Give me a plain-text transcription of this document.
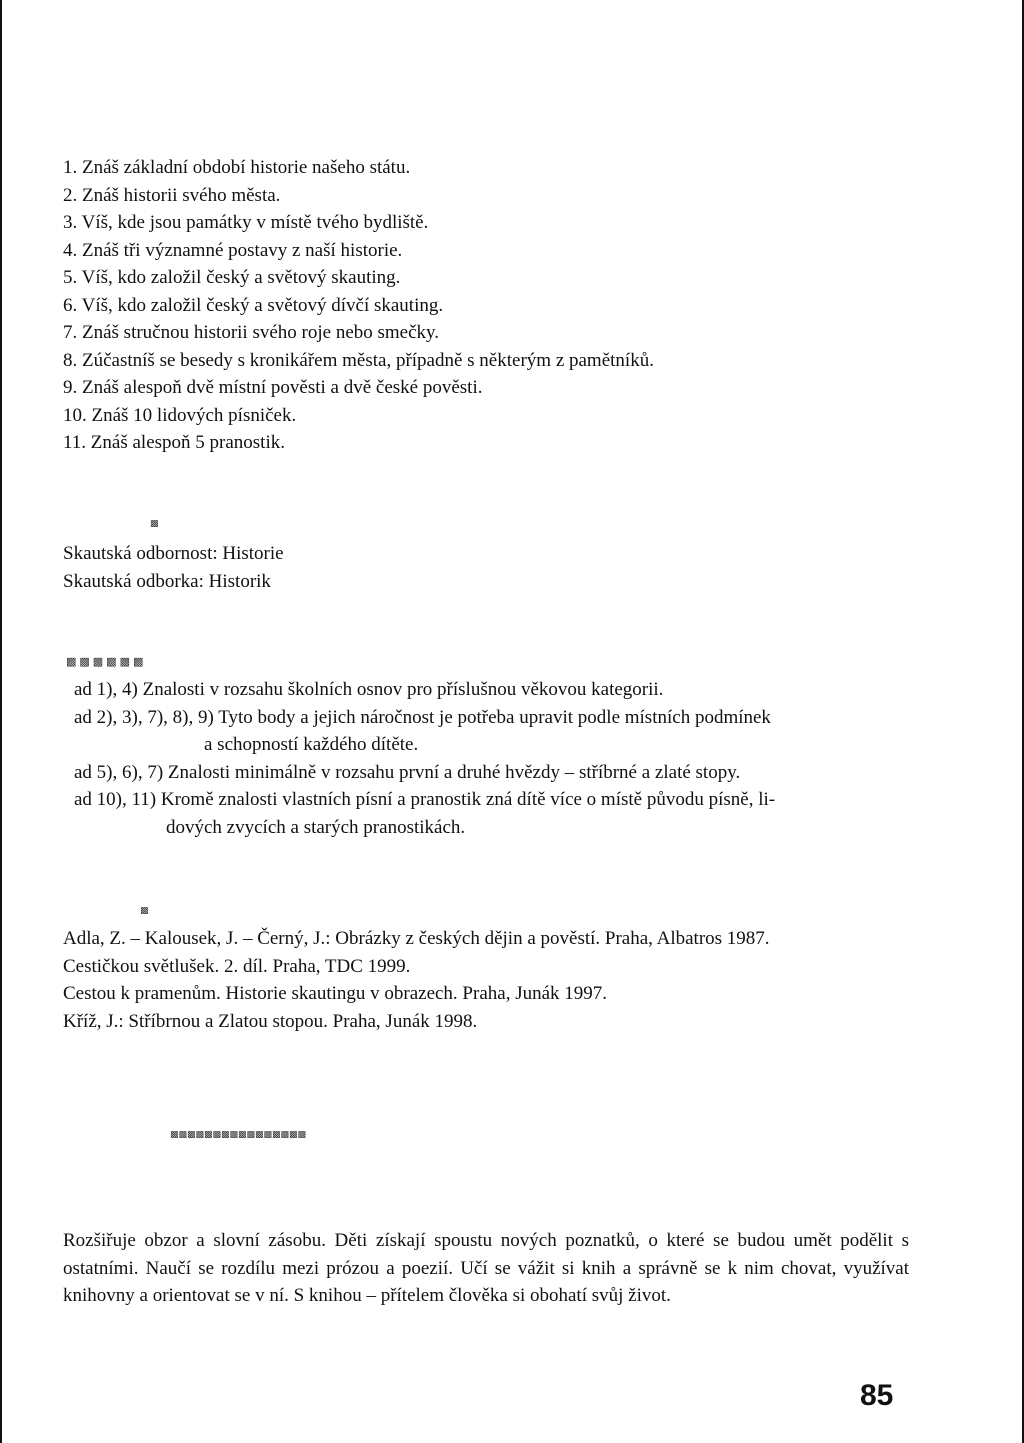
1. Znáš základní období historie našeho státu.
2. Znáš historii svého města.
3. Víš, kde jsou památky v místě tvého bydliště.
4. Znáš tři významné postavy z naší historie.
5. Víš, kdo založil český a světový skauting.
6. Víš, kdo založil český a světový dívčí skauting.
7. Znáš stručnou historii svého roje nebo smečky.
8. Zúčastníš se besedy s kronikářem města, případně s některým z pamětníků.
9. Znáš alespoň dvě místní pověsti a dvě české pověsti.
10. Znáš 10 lidových písniček.
11. Znáš alespoň 5 pranostik.
▩
Skautská odbornost: Historie
Skautská odborka: Historik
▩▩▩▩▩▩
ad 1), 4) Znalosti v rozsahu školních osnov pro příslušnou věkovou kategorii.
ad 2), 3), 7), 8), 9) Tyto body a jejich náročnost je potřeba upravit podle místních podmínek
a schopností každého dítěte.
ad 5), 6), 7) Znalosti minimálně v rozsahu první a druhé hvězdy – stříbrné a zlaté stopy.
ad 10), 11) Kromě znalosti vlastních písní a pranostik zná dítě více o místě původu písně, li-
dových zvycích a starých pranostikách.
▩
Adla, Z. – Kalousek, J. – Černý, J.: Obrázky z českých dějin a pověstí. Praha, Albatros 1987.
Cestičkou světlušek. 2. díl. Praha, TDC 1999.
Cestou k pramenům. Historie skautingu v obrazech. Praha, Junák 1997.
Kříž, J.: Stříbrnou a Zlatou stopou. Praha, Junák 1998.
▩▩▩▩▩▩▩▩▩▩▩▩▩▩▩▩
Rozšiřuje obzor a slovní zásobu. Děti získají spoustu nových poznatků, o které se budou umět podělit s ostatními. Naučí se rozdílu mezi prózou a poezií. Učí se vážit si knih a správně se k nim chovat, využívat knihovny a orientovat se v ní. S knihou – přítelem člověka si obohatí svůj život.
85
